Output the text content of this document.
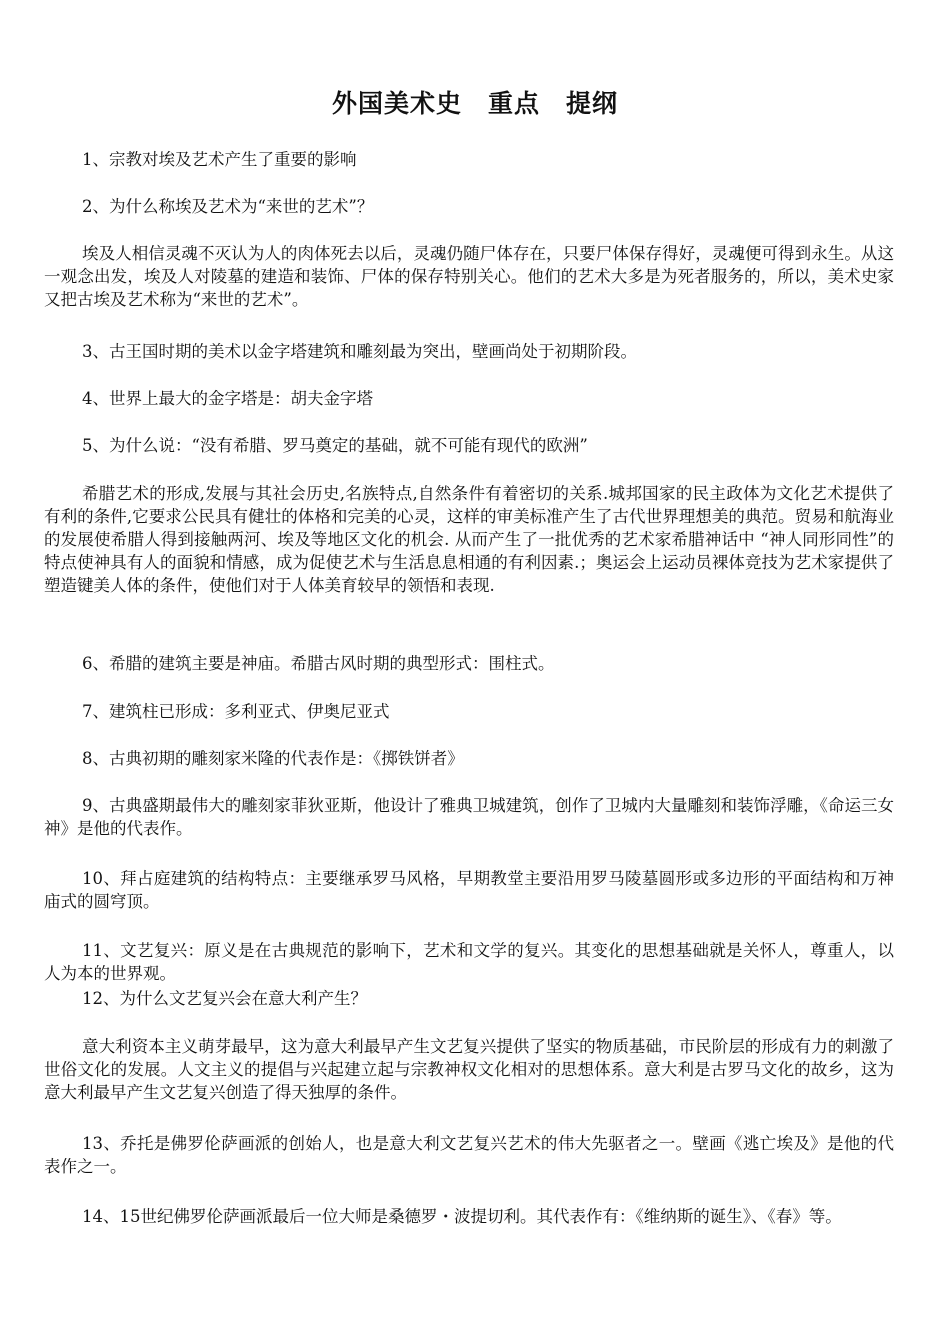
外国美术史　重点　提纲

1、宗教对埃及艺术产生了重要的影响

2、为什么称埃及艺术为“来世的艺术”？

埃及人相信灵魂不灭认为人的肉体死去以后，灵魂仍随尸体存在，只要尸体保存得好，灵魂便可得到永生。从这一观念出发，埃及人对陵墓的建造和装饰、尸体的保存特别关心。他们的艺术大多是为死者服务的，所以，美术史家又把古埃及艺术称为“来世的艺术”。

3、古王国时期的美术以金字塔建筑和雕刻最为突出，壁画尚处于初期阶段。

4、世界上最大的金字塔是：胡夫金字塔

5、为什么说：“没有希腊、罗马奠定的基础，就不可能有现代的欧洲”

希腊艺术的形成,发展与其社会历史,名族特点,自然条件有着密切的关系.城邦国家的民主政体为文化艺术提供了有利的条件,它要求公民具有健壮的体格和完美的心灵，这样的审美标准产生了古代世界理想美的典范。贸易和航海业的发展使希腊人得到接触两河、埃及等地区文化的机会. 从而产生了一批优秀的艺术家希腊神话中 “神人同形同性”的特点使神具有人的面貌和情感，成为促使艺术与生活息息相通的有利因素.；奥运会上运动员裸体竞技为艺术家提供了塑造键美人体的条件，使他们对于人体美育较早的领悟和表现.

6、希腊的建筑主要是神庙。希腊古风时期的典型形式：围柱式。

7、建筑柱已形成：多利亚式、伊奥尼亚式

8、古典初期的雕刻家米隆的代表作是：《掷铁饼者》

9、古典盛期最伟大的雕刻家菲狄亚斯，他设计了雅典卫城建筑，创作了卫城内大量雕刻和装饰浮雕，《命运三女神》是他的代表作。

10、拜占庭建筑的结构特点：主要继承罗马风格，早期教堂主要沿用罗马陵墓圆形或多边形的平面结构和万神庙式的圆穹顶。

11、文艺复兴：原义是在古典规范的影响下，艺术和文学的复兴。其变化的思想基础就是关怀人，尊重人，以人为本的世界观。

12、为什么文艺复兴会在意大利产生？

意大利资本主义萌芽最早，这为意大利最早产生文艺复兴提供了坚实的物质基础，市民阶层的形成有力的刺激了世俗文化的发展。人文主义的提倡与兴起建立起与宗教神权文化相对的思想体系。意大利是古罗马文化的故乡，这为意大利最早产生文艺复兴创造了得天独厚的条件。

13、乔托是佛罗伦萨画派的创始人，也是意大利文艺复兴艺术的伟大先驱者之一。壁画《逃亡埃及》是他的代表作之一。

14、15世纪佛罗伦萨画派最后一位大师是桑德罗・波提切利。其代表作有：《维纳斯的诞生》、《春》等。
